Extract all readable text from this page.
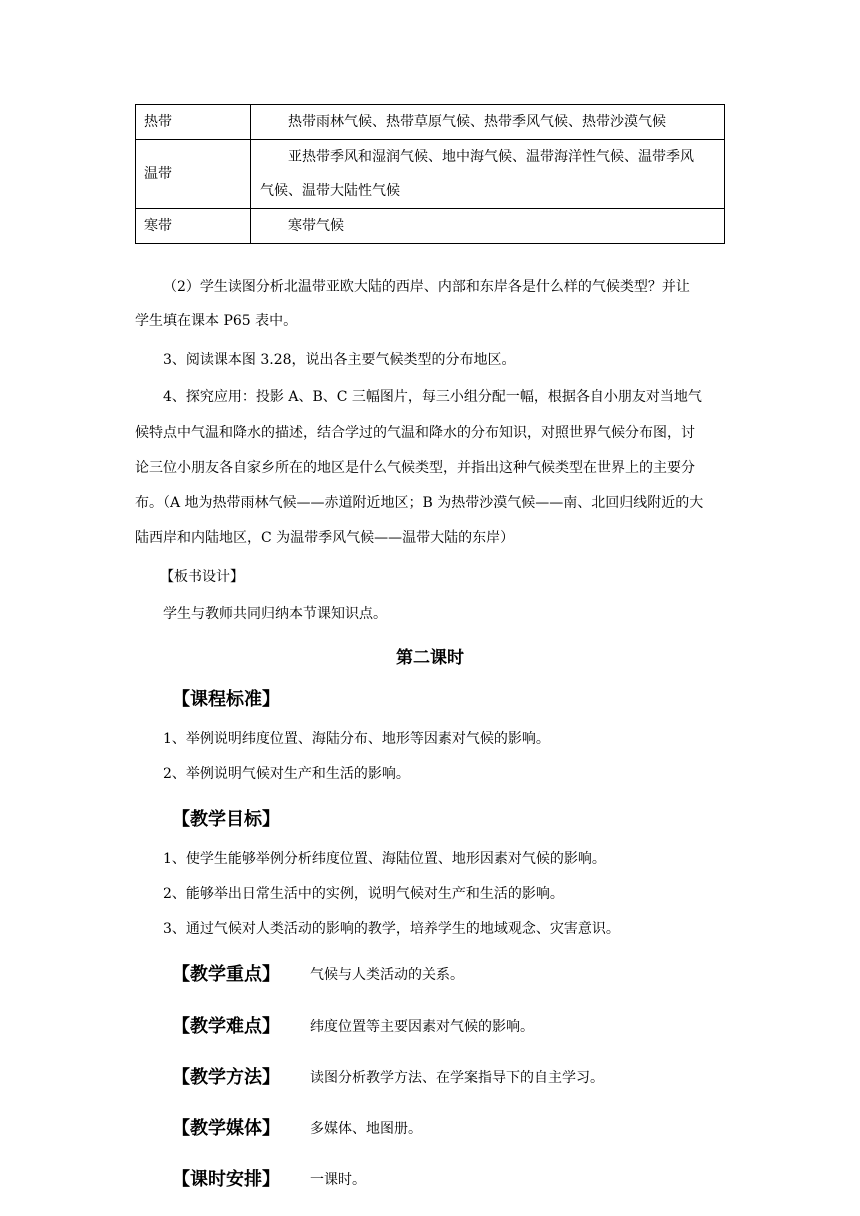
热带	热带雨林气候、热带草原气候、热带季风气候、热带沙漠气候
温带	亚热带季风和湿润气候、地中海气候、温带海洋性气候、温带季风
气候、温带大陆性气候
寒带	寒带气候
（2）学生读图分析北温带亚欧大陆的西岸、内部和东岸各是什么样的气候类型？并让
学生填在课本 P65 表中。
3、阅读课本图 3.28，说出各主要气候类型的分布地区。
4、探究应用：投影 A、B、C 三幅图片，每三小组分配一幅，根据各自小朋友对当地气
候特点中气温和降水的描述，结合学过的气温和降水的分布知识，对照世界气候分布图，讨
论三位小朋友各自家乡所在的地区是什么气候类型，并指出这种气候类型在世界上的主要分
布。（A 地为热带雨林气候——赤道附近地区；B 为热带沙漠气候——南、北回归线附近的大
陆西岸和内陆地区，C 为温带季风气候——温带大陆的东岸）
【板书设计】
学生与教师共同归纳本节课知识点。
第二课时
【课程标准】
1、举例说明纬度位置、海陆分布、地形等因素对气候的影响。
2、举例说明气候对生产和生活的影响。
【教学目标】
1、使学生能够举例分析纬度位置、海陆位置、地形因素对气候的影响。
2、能够举出日常生活中的实例，说明气候对生产和生活的影响。
3、通过气候对人类活动的影响的教学，培养学生的地域观念、灾害意识。
【教学重点】 气候与人类活动的关系。
【教学难点】 纬度位置等主要因素对气候的影响。
【教学方法】 读图分析教学方法、在学案指导下的自主学习。
【教学媒体】 多媒体、地图册。
【课时安排】 一课时。
